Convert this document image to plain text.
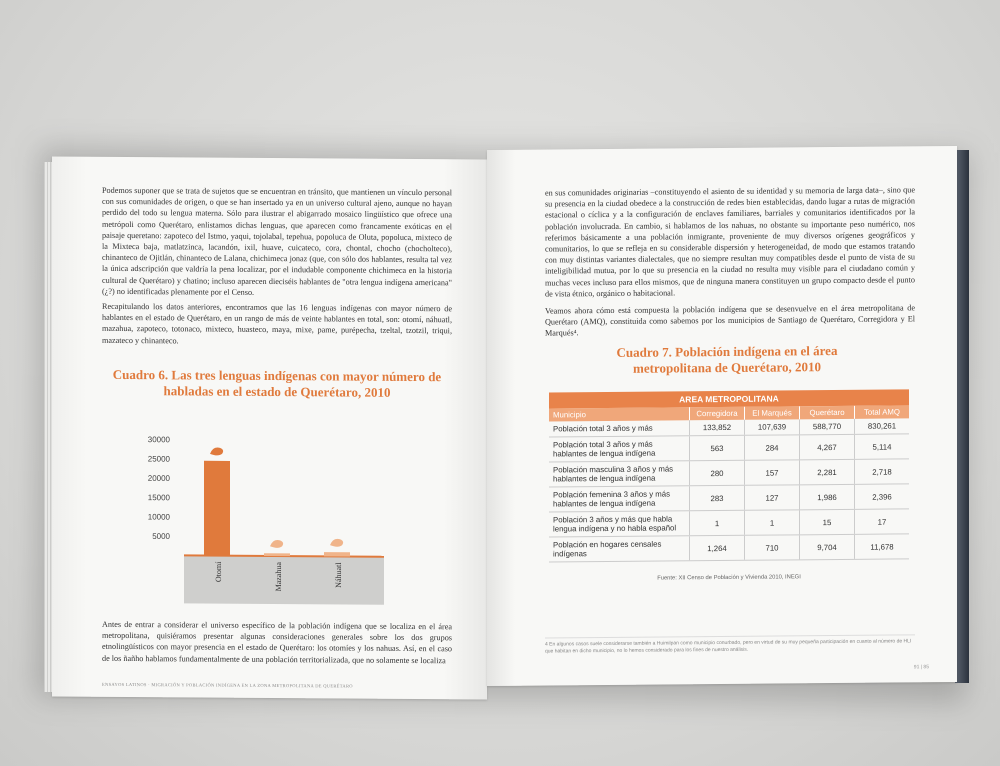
Podemos suponer que se trata de sujetos que se encuentran en tránsito, que mantienen un vínculo personal con sus comunidades de origen, o que se han insertado ya en un universo cultural ajeno, aunque no hayan perdido del todo su lengua materna. Sólo para ilustrar el abigarrado mosaico lingüístico que ofrece una metrópoli como Querétaro, enlistamos dichas lenguas, que aparecen como francamente exóticas en el paisaje queretano: zapoteco del Istmo, yaqui, tojolabal, tepehua, popoluca de Oluta, popoluca, mixteco de la Mixteca baja, matlatzinca, lacandón, ixil, huave, cuicateco, cora, chontal, chocho (chocholteco), chinanteco de Ojitlán, chinanteco de Lalana, chichimeca jonaz (que, con sólo dos hablantes, resulta tal vez la única adscripción que valdría la pena localizar, por el indudable componente chichimeca en la historia cultural de Querétaro) y chatino; incluso aparecen dieciséis hablantes de "otra lengua indígena americana" (¿?) no identificadas plenamente por el Censo.

Recapitulando los datos anteriores, encontramos que las 16 lenguas indígenas con mayor número de hablantes en el estado de Querétaro, en un rango de más de veinte hablantes en total, son: otomí, náhuatl, mazahua, zapoteco, totonaco, mixteco, huasteco, maya, mixe, pame, purépecha, tzeltal, tzotzil, triqui, mazateco y chinanteco.

Cuadro 6. Las tres lenguas indígenas con mayor número de habladas en el estado de Querétaro, 2010
5000
10000
15000
20000
25000
30000
Otomí	Mazahua	Náhuatl

Antes de entrar a considerar el universo específico de la población indígena que se localiza en el área metropolitana, quisiéramos presentar algunas consideraciones generales sobre los dos grupos etnolingüísticos con mayor presencia en el estado de Querétaro: los otomíes y los nahuas. Así, en el caso de los ñañho hablamos fundamentalmente de una población territorializada, que no solamente se localiza

ENSAYOS LATINOS · MIGRACIÓN Y POBLACIÓN INDÍGENA EN LA ZONA METROPOLITANA DE QUERÉTARO

en sus comunidades originarias –constituyendo el asiento de su identidad y su memoria de larga data–, sino que su presencia en la ciudad obedece a la construcción de redes bien establecidas, dando lugar a rutas de migración estacional o cíclica y a la configuración de enclaves familiares, barriales y comunitarios identificados por la población involucrada. En cambio, si hablamos de los nahuas, no obstante su importante peso numérico, nos referimos básicamente a una población inmigrante, proveniente de muy diversos orígenes geográficos y comunitarios, lo que se refleja en su considerable dispersión y heterogeneidad, de modo que estamos tratando con muy distintas variantes dialectales, que no siempre resultan muy compatibles desde el punto de vista de su inteligibilidad mutua, por lo que su presencia en la ciudad no resulta muy visible para el ciudadano común y muchas veces incluso para ellos mismos, que de ninguna manera constituyen un grupo compacto desde el punto de vista étnico, orgánico o habitacional.

Veamos ahora cómo está compuesta la población indígena que se desenvuelve en el área metropolitana de Querétaro (AMQ), constituida como sabemos por los municipios de Santiago de Querétaro, Corregidora y El Marqués⁴.

Cuadro 7. Población indígena en el área metropolitana de Querétaro, 2010
AREA METROPOLITANA				
Municipio	Corregidora	El Marqués	Querétaro	Total AMQ
Población total 3 años y más	133,852	107,639	588,770	830,261
Población total 3 años y más hablantes de lengua indígena	563	284	4,267	5,114
Población masculina 3 años y más hablantes de lengua indígena	280	157	2,281	2,718
Población femenina 3 años y más hablantes de lengua indígena	283	127	1,986	2,396
Población 3 años y más que habla lengua indígena y no habla español	1	1	15	17
Población en hogares censales indígenas	1,264	710	9,704	11,678
Fuente: XII Censo de Población y Vivienda 2010, INEGI
4 En algunos casos suele considerarse también a Huimilpan como municipio conurbado, pero en virtud de su muy pequeña participación en cuanto al número de HLI que habitan en dicho municipio, no lo hemos considerado para los fines de nuestro análisis.
91 | 85
